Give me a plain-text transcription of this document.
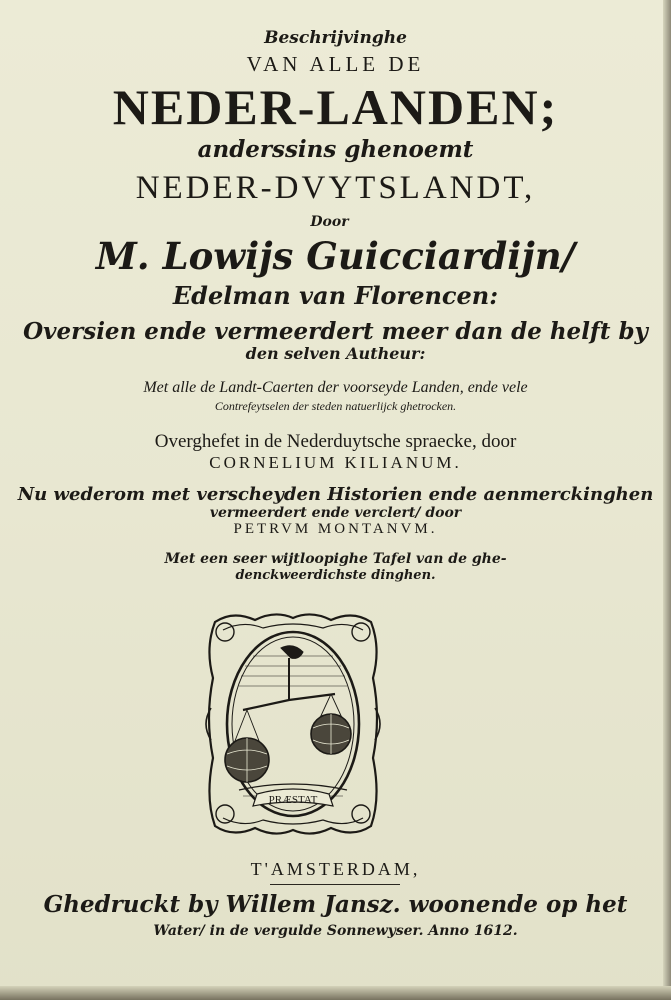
Beschrijvinghe
VAN ALLE DE
NEDER-LANDEN;
anderssins ghenoemt
NEDER-DVYTSLANDT,
Door
M. Lowijs Guicciardijn/
Edelman van Florencen:
Oversien ende vermeerdert meer dan de helft by
den selven Autheur:
Met alle de Landt-Caerten der voorseyde Landen, ende vele
Contrefeytselen der steden natuerlijck ghetrocken.
Overghefet in de Nederduytsche spraecke, door
CORNELIUM KILIANUM.
Nu wederom met verscheyden Historien ende aenmerckinghen
vermeerdert ende verclert/ door
PETRVM MONTANVM.
Met een seer wijtloopighe Tafel van de ghe-
denckweerdichste dinghen.
PRÆSTAT
T'AMSTERDAM,
Ghedruckt by Willem Jansz. woonende op het
Water/ in de vergulde Sonnewyser. Anno 1612.
